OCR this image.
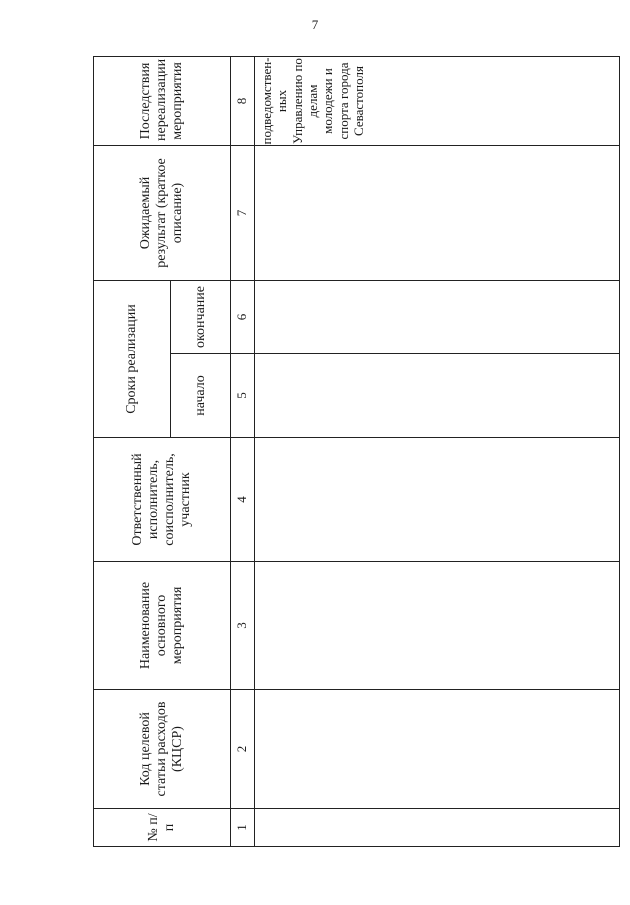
7
№ п/п	Код целевой статьи расходов (КЦСР)	Наименование основного мероприятия	Ответственный исполнитель, соисполнитель, участник	Сроки реализации		Ожидаемый результат (краткое описание)	Последствия нереализации мероприятия

				начало	окончание		

1	2	3	4	5	6	7	8
							подведомствен-ных Управлению по делам молодежи и спорта города Севастополя
